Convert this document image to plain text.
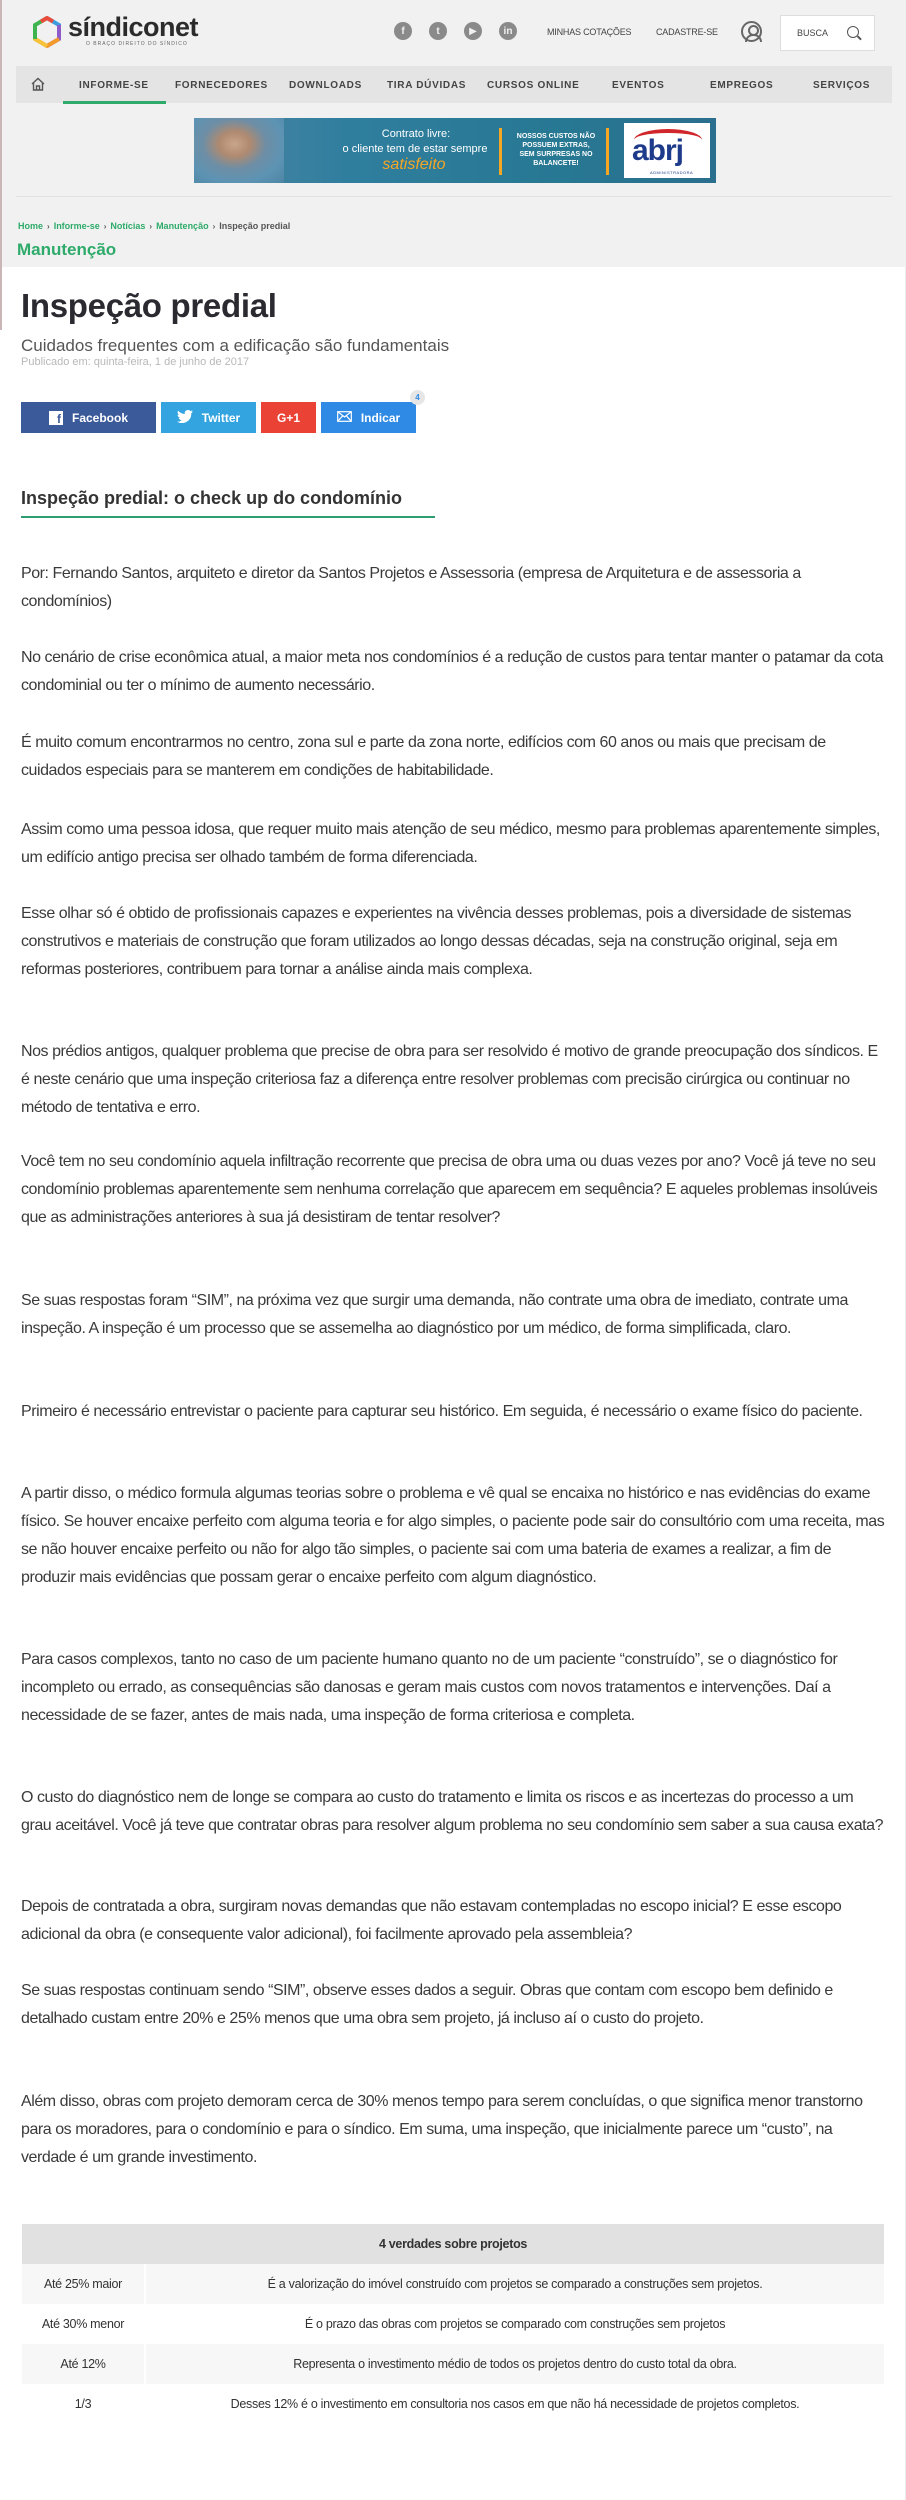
síndiconet
O BRAÇO DIREITO DO SÍNDICO
f	t	▶	in	MINHAS COTAÇÕES	CADASTRE-SE	BUSCA
INFORME-SE	FORNECEDORES DOWNLOADS	TIRA DÚVIDAS CURSOS ONLINE	EVENTOS	EMPREGOS	SERVIÇOS
Contrato livre:
o cliente tem de estar sempre
satisfeito
NOSSOS CUSTOS NÃO POSSUEM EXTRAS, SEM SURPRESAS NO BALANCETE!	abrj
ADMINISTRADORA
Home › Informe-se › Notícias › Manutenção › Inspeção predial
Manutenção
Inspeção predial
Cuidados frequentes com a edificação são fundamentais
Publicado em: quinta-feira, 1 de junho de 2017
f Facebook	Twitter	G+1	Indicar
4
Inspeção predial: o check up do condomínio

Por: Fernando Santos, arquiteto e diretor da Santos Projetos e Assessoria (empresa de Arquitetura e de assessoria a condomínios)

No cenário de crise econômica atual, a maior meta nos condomínios é a redução de custos para tentar manter o patamar da cota condominial ou ter o mínimo de aumento necessário.

É muito comum encontrarmos no centro, zona sul e parte da zona norte, edifícios com 60 anos ou mais que precisam de cuidados especiais para se manterem em condições de habitabilidade.

Assim como uma pessoa idosa, que requer muito mais atenção de seu médico, mesmo para problemas aparentemente simples, um edifício antigo precisa ser olhado também de forma diferenciada.

Esse olhar só é obtido de profissionais capazes e experientes na vivência desses problemas, pois a diversidade de sistemas construtivos e materiais de construção que foram utilizados ao longo dessas décadas, seja na construção original, seja em reformas posteriores, contribuem para tornar a análise ainda mais complexa.

Nos prédios antigos, qualquer problema que precise de obra para ser resolvido é motivo de grande preocupação dos síndicos. E é neste cenário que uma inspeção criteriosa faz a diferença entre resolver problemas com precisão cirúrgica ou continuar no método de tentativa e erro.

Você tem no seu condomínio aquela infiltração recorrente que precisa de obra uma ou duas vezes por ano? Você já teve no seu condomínio problemas aparentemente sem nenhuma correlação que aparecem em sequência? E aqueles problemas insolúveis que as administrações anteriores à sua já desistiram de tentar resolver?

Se suas respostas foram “SIM”, na próxima vez que surgir uma demanda, não contrate uma obra de imediato, contrate uma inspeção. A inspeção é um processo que se assemelha ao diagnóstico por um médico, de forma simplificada, claro.

Primeiro é necessário entrevistar o paciente para capturar seu histórico. Em seguida, é necessário o exame físico do paciente.

A partir disso, o médico formula algumas teorias sobre o problema e vê qual se encaixa no histórico e nas evidências do exame físico. Se houver encaixe perfeito com alguma teoria e for algo simples, o paciente pode sair do consultório com uma receita, mas se não houver encaixe perfeito ou não for algo tão simples, o paciente sai com uma bateria de exames a realizar, a fim de produzir mais evidências que possam gerar o encaixe perfeito com algum diagnóstico.

Para casos complexos, tanto no caso de um paciente humano quanto no de um paciente “construído”, se o diagnóstico for incompleto ou errado, as consequências são danosas e geram mais custos com novos tratamentos e intervenções. Daí a necessidade de se fazer, antes de mais nada, uma inspeção de forma criteriosa e completa.

O custo do diagnóstico nem de longe se compara ao custo do tratamento e limita os riscos e as incertezas do processo a um grau aceitável. Você já teve que contratar obras para resolver algum problema no seu condomínio sem saber a sua causa exata?

Depois de contratada a obra, surgiram novas demandas que não estavam contempladas no escopo inicial? E esse escopo adicional da obra (e consequente valor adicional), foi facilmente aprovado pela assembleia?

Se suas respostas continuam sendo “SIM”, observe esses dados a seguir. Obras que contam com escopo bem definido e detalhado custam entre 20% e 25% menos que uma obra sem projeto, já incluso aí o custo do projeto.

Além disso, obras com projeto demoram cerca de 30% menos tempo para serem concluídas, o que significa menor transtorno para os moradores, para o condomínio e para o síndico. Em suma, uma inspeção, que inicialmente parece um “custo”, na verdade é um grande investimento.

4 verdades sobre projetos	
Até 25% maior	É a valorização do imóvel construído com projetos se comparado a construções sem projetos.
Até 30% menor	É o prazo das obras com projetos se comparado com construções sem projetos
Até 12%	Representa o investimento médio de todos os projetos dentro do custo total da obra.
1/3	Desses 12% é o investimento em consultoria nos casos em que não há necessidade de projetos completos.
